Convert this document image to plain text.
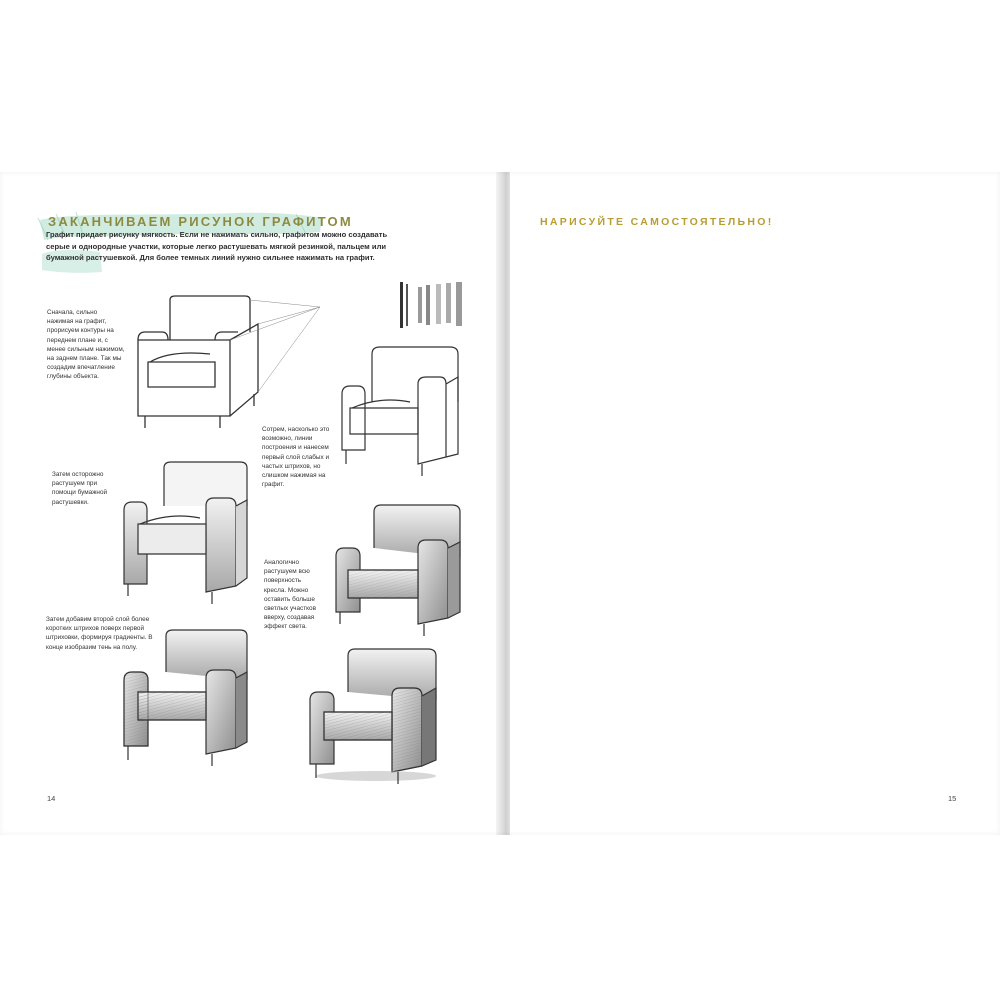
ЗАКАНЧИВАЕМ РИСУНОК ГРАФИТОМ

Графит придает рисунку мягкость. Если не нажимать сильно, графитом можно создавать серые и однородные участки, которые легко растушевать мягкой резинкой, пальцем или бумажной растушевкой. Для более темных линий нужно сильнее нажимать на графит.

Сначала, сильно нажимая на графит, прорисуем контуры на переднем плане и, с менее сильным нажимом, на заднем плане. Так мы создадим впечатление глубины объекта.

Сотрем, насколько это возможно, линии построения и нанесем первый слой слабых и частых штрихов, но слишком нажимая на графит.

Затем осторожно растушуем при помощи бумажной растушевки.

Аналогично растушуем всю поверхность кресла. Можно оставить больше светлых участков вверху, создавая эффект света.

Затем добавим второй слой более коротких штрихов поверх первой штриховки, формируя градиенты. В конце изобразим тень на полу.

14

НАРИСУЙТЕ САМОСТОЯТЕЛЬНО!

15
